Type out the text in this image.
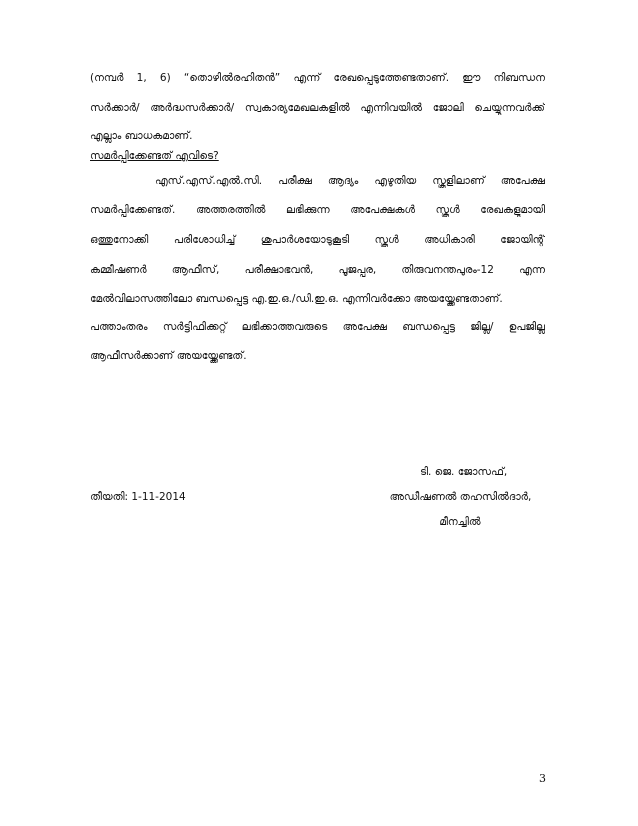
(നമ്പർ 1, 6) “തൊഴിൽരഹിതൻ” എന്ന് രേഖപ്പെടുത്തേണ്ടതാണ്. ഈ നിബന്ധന
സർക്കാർ/ അർദ്ധസർക്കാർ/ സ്വകാര്യമേഖലകളിൽ എന്നിവയിൽ ജോലി ചെയ്യുന്നവർക്ക്
എല്ലാം ബാധകമാണ്.
സമർപ്പിക്കേണ്ടത് എവിടെ?
എസ്.എസ്.എൽ.സി. പരീക്ഷ ആദ്യം എഴുതിയ സ്കൂളിലാണ് അപേക്ഷ
സമർപ്പിക്കേണ്ടത്. അത്തരത്തിൽ ലഭിക്കുന്ന അപേക്ഷകൾ സ്കൂൾ രേഖകളുമായി
ഒത്തുനോക്കി പരിശോധിച്ച് ശുപാർശയോടുകൂടി സ്കൂൾ അധികാരി ജോയിന്റ്
കമ്മീഷണർ ആഫീസ്, പരീക്ഷാഭവൻ, പൂജപ്പുര, തിരുവനന്തപുരം-12 എന്ന
മേൽവിലാസത്തിലോ ബന്ധപ്പെട്ട എ.ഇ.ഒ./ഡി.ഇ.ഒ. എന്നിവർക്കോ അയയ്ക്കേണ്ടതാണ്.
പത്താംതരം സർട്ടിഫിക്കറ്റ് ലഭിക്കാത്തവരുടെ അപേക്ഷ ബന്ധപ്പെട്ട ജില്ല/ ഉപജില്ല
ആഫീസർക്കാണ് അയയ്ക്കേണ്ടത്.
ടി. ജെ. ജോസഫ്,
തീയതി: 1-11-2014	അഡീഷണൽ തഹസിൽദാർ,
മീനച്ചിൽ
3
